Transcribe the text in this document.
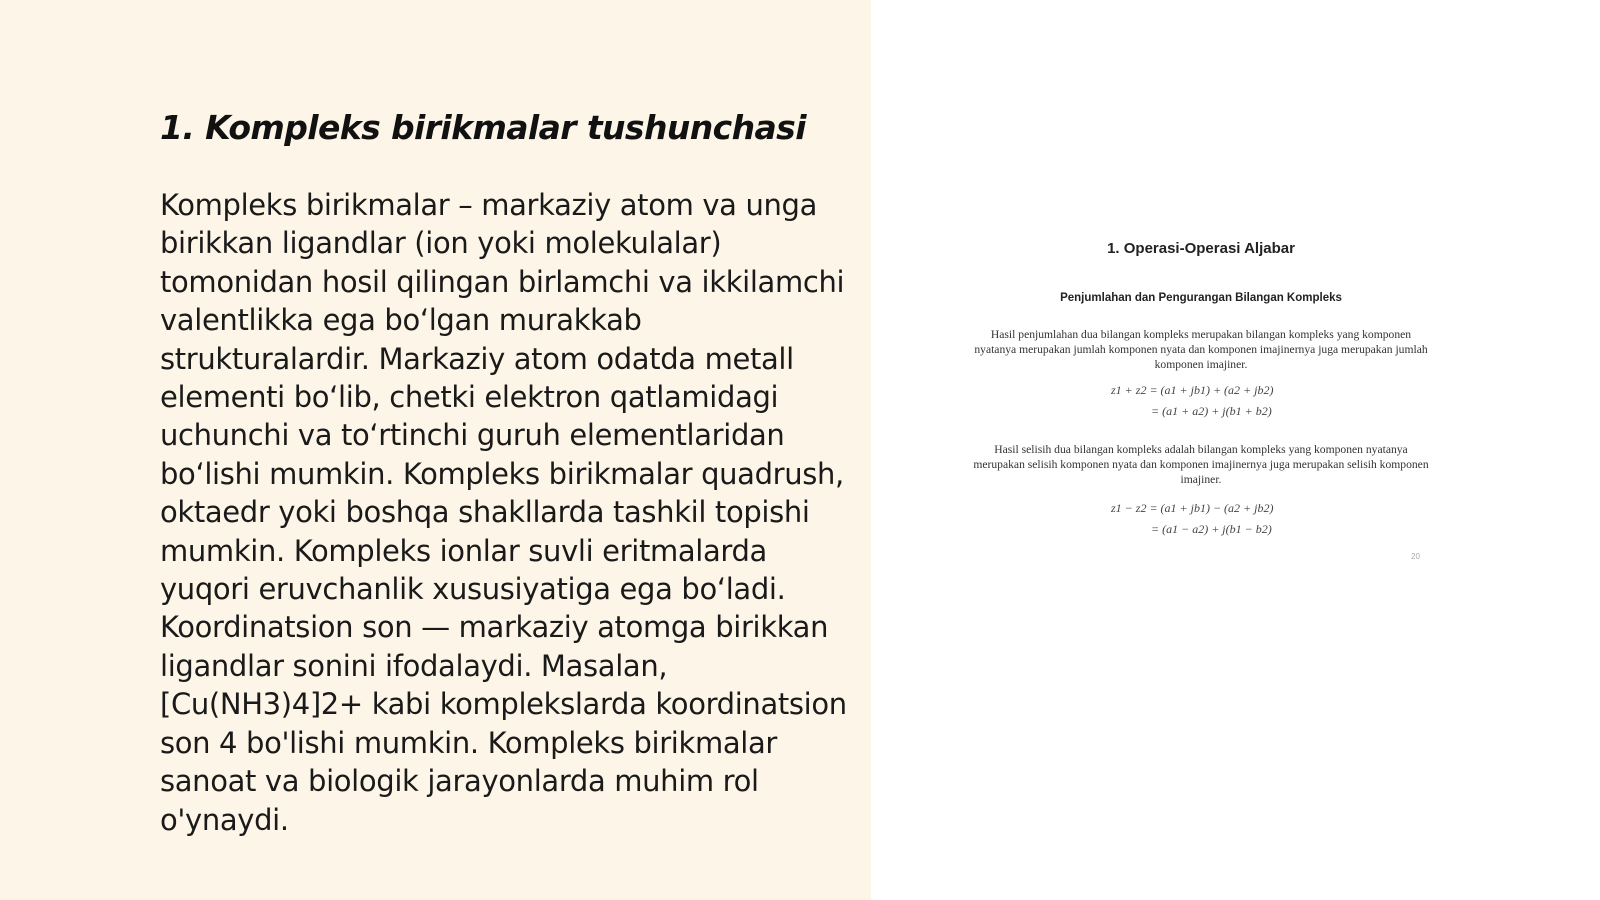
1. Kompleks birikmalar tushunchasi

Kompleks birikmalar – markaziy atom va unga birikkan ligandlar (ion yoki molekulalar) tomonidan hosil qilingan birlamchi va ikkilamchi valentlikka ega bo‘lgan murakkab strukturalardir. Markaziy atom odatda metall elementi bo‘lib, chetki elektron qatlamidagi uchunchi va to‘rtinchi guruh elementlaridan bo‘lishi mumkin. Kompleks birikmalar quadrush, oktaedr yoki boshqa shakllarda tashkil topishi mumkin. Kompleks ionlar suvli eritmalarda yuqori eruvchanlik xususiyatiga ega bo‘ladi. Koordinatsion son — markaziy atomga birikkan ligandlar sonini ifodalaydi. Masalan, [Cu(NH3)4]2+ kabi komplekslarda koordinatsion son 4 bo'lishi mumkin. Kompleks birikmalar sanoat va biologik jarayonlarda muhim rol o'ynaydi.

1. Operasi-Operasi Aljabar
Penjumlahan dan Pengurangan Bilangan Kompleks
Hasil penjumlahan dua bilangan kompleks merupakan bilangan kompleks yang komponen nyatanya merupakan jumlah komponen nyata dan komponen imajinernya juga merupakan jumlah komponen imajiner.
z1 + z2 = (a1 + jb1) + (a2 + jb2)
= (a1 + a2) + j(b1 + b2)
Hasil selisih dua bilangan kompleks adalah bilangan kompleks yang komponen nyatanya merupakan selisih komponen nyata dan komponen imajinernya juga merupakan selisih komponen imajiner.
z1 − z2 = (a1 + jb1) − (a2 + jb2)
= (a1 − a2) + j(b1 − b2)
20
